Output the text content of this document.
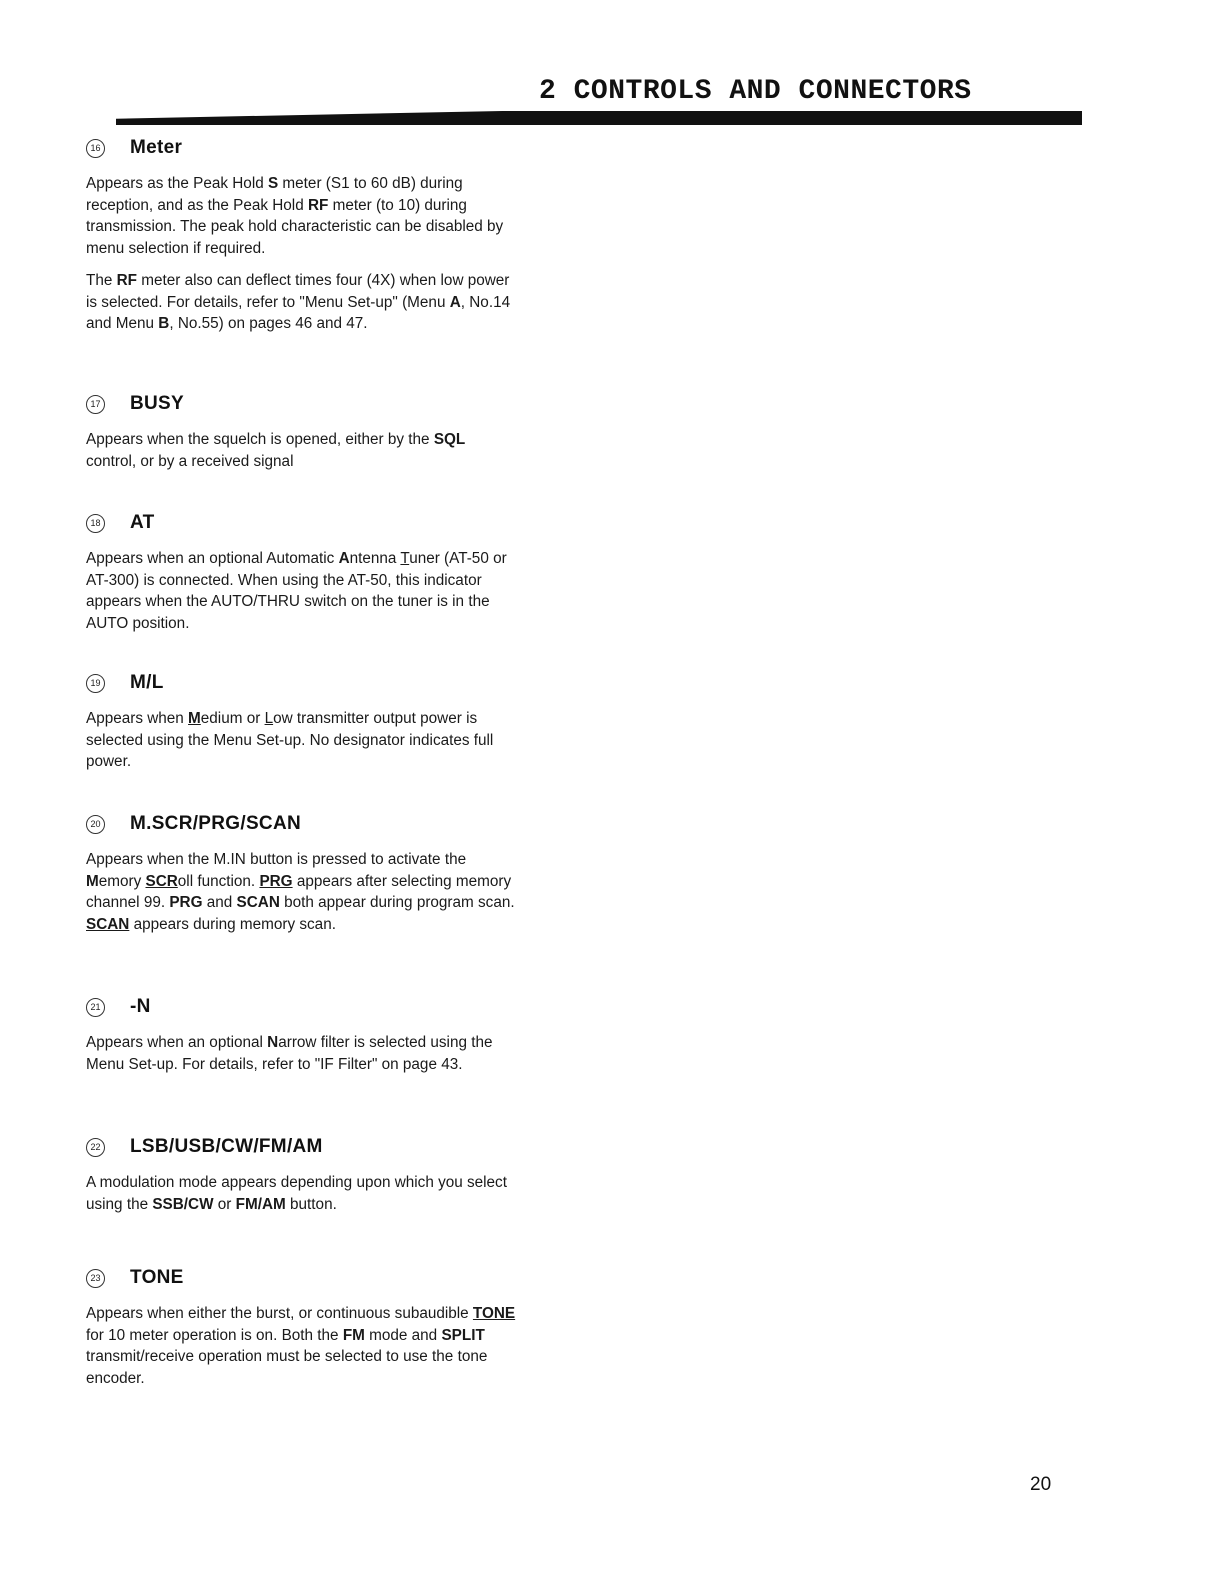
2 CONTROLS AND CONNECTORS
16 Meter

Appears as the Peak Hold S meter (S1 to 60 dB) during reception, and as the Peak Hold RF meter (to 10) during transmission. The peak hold characteristic can be disabled by menu selection if required.

The RF meter also can deflect times four (4X) when low power is selected. For details, refer to "Menu Set-up" (Menu A, No.14 and Menu B, No.55) on pages 46 and 47.

17 BUSY

Appears when the squelch is opened, either by the SQL control, or by a received signal

18 AT

Appears when an optional Automatic Antenna Tuner (AT-50 or AT-300) is connected. When using the AT-50, this indicator appears when the AUTO/THRU switch on the tuner is in the AUTO position.

19 M/L

Appears when Medium or Low transmitter output power is selected using the Menu Set-up. No designator indicates full power.

20 M.SCR/PRG/SCAN

Appears when the M.IN button is pressed to activate the Memory SCRoll function. PRG appears after selecting memory channel 99. PRG and SCAN both appear during program scan. SCAN appears during memory scan.

21 -N

Appears when an optional Narrow filter is selected using the Menu Set-up. For details, refer to "IF Filter" on page 43.

22 LSB/USB/CW/FM/AM

A modulation mode appears depending upon which you select using the SSB/CW or FM/AM button.

23 TONE

Appears when either the burst, or continuous subaudible TONE for 10 meter operation is on. Both the FM mode and SPLIT transmit/receive operation must be selected to use the tone encoder.

20
